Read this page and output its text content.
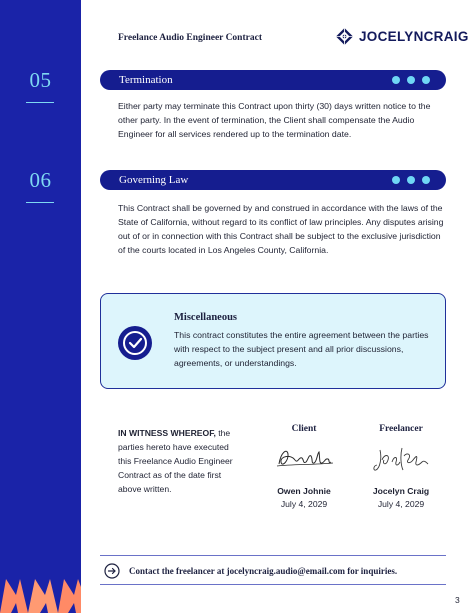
05
06
Freelance Audio Engineer Contract	JOCELYNCRAIG
Termination

Either party may terminate this Contract upon thirty (30) days written notice to the other party. In the event of termination, the Client shall compensate the Audio Engineer for all services rendered up to the termination date.

Governing Law

This Contract shall be governed by and construed in accordance with the laws of the State of California, without regard to its conflict of law principles. Any disputes arising out of or in connection with this Contract shall be subject to the exclusive jurisdiction of the courts located in Los Angeles County, California.

Miscellaneous

This contract constitutes the entire agreement between the parties with respect to the subject present and all prior discussions, agreements, or understandings.

IN WITNESS WHEREOF, the parties hereto have executed this Freelance Audio Engineer Contract as of the date first above written.
Client
Owen Johnie
July 4, 2029
Freelancer
Jocelyn Craig
July 4, 2029
Contact the freelancer at jocelyncraig.audio@email.com for inquiries.
3
